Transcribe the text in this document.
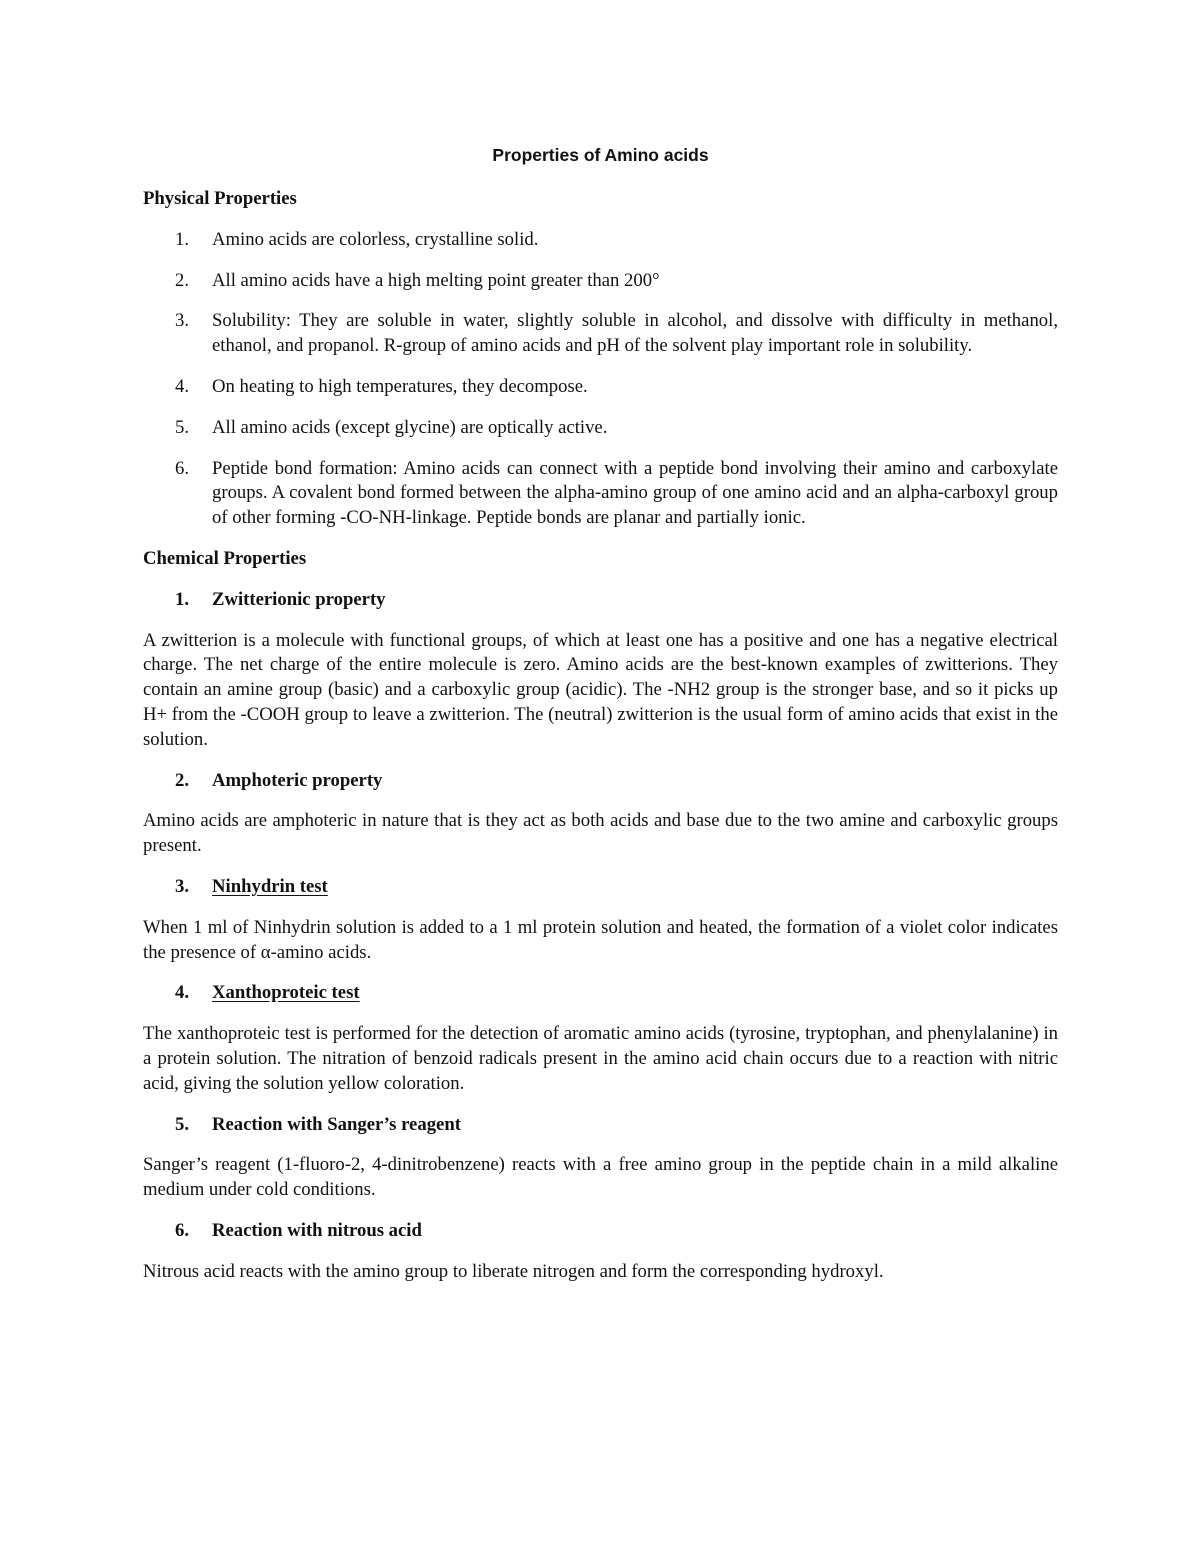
Properties of Amino acids
Physical Properties
1. Amino acids are colorless, crystalline solid.
2. All amino acids have a high melting point greater than 200°
3. Solubility: They are soluble in water, slightly soluble in alcohol, and dissolve with difficulty in methanol, ethanol, and propanol. R-group of amino acids and pH of the solvent play important role in solubility.
4. On heating to high temperatures, they decompose.
5. All amino acids (except glycine) are optically active.
6. Peptide bond formation: Amino acids can connect with a peptide bond involving their amino and carboxylate groups. A covalent bond formed between the alpha-amino group of one amino acid and an alpha-carboxyl group of other forming -CO-NH-linkage. Peptide bonds are planar and partially ionic.
Chemical Properties
1. Zwitterionic property
A zwitterion is a molecule with functional groups, of which at least one has a positive and one has a negative electrical charge. The net charge of the entire molecule is zero. Amino acids are the best-known examples of zwitterions. They contain an amine group (basic) and a carboxylic group (acidic). The -NH2 group is the stronger base, and so it picks up H+ from the -COOH group to leave a zwitterion. The (neutral) zwitterion is the usual form of amino acids that exist in the solution.
2. Amphoteric property
Amino acids are amphoteric in nature that is they act as both acids and base due to the two amine and carboxylic groups present.
3. Ninhydrin test
When 1 ml of Ninhydrin solution is added to a 1 ml protein solution and heated, the formation of a violet color indicates the presence of α-amino acids.
4. Xanthoproteic test
The xanthoproteic test is performed for the detection of aromatic amino acids (tyrosine, tryptophan, and phenylalanine) in a protein solution. The nitration of benzoid radicals present in the amino acid chain occurs due to a reaction with nitric acid, giving the solution yellow coloration.
5. Reaction with Sanger’s reagent
Sanger’s reagent (1-fluoro-2, 4-dinitrobenzene) reacts with a free amino group in the peptide chain in a mild alkaline medium under cold conditions.
6. Reaction with nitrous acid
Nitrous acid reacts with the amino group to liberate nitrogen and form the corresponding hydroxyl.
